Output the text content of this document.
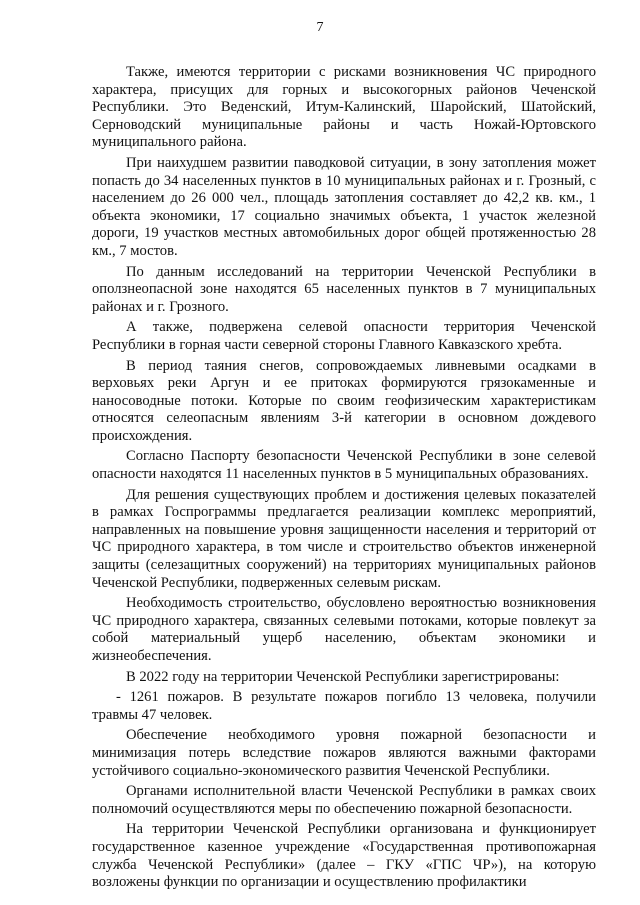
7

Также, имеются территории с рисками возникновения ЧС природного характера, присущих для горных и высокогорных районов Чеченской Республики. Это Веденский, Итум-Калинский, Шаройский, Шатойский, Серноводский муниципальные районы и часть Ножай-Юртовского муниципального района.

При наихудшем развитии паводковой ситуации, в зону затопления может попасть до 34 населенных пунктов в 10 муниципальных районах и г. Грозный, с населением до 26 000 чел., площадь затопления составляет до 42,2 кв. км., 1 объекта экономики, 17 социально значимых объекта, 1 участок железной дороги, 19 участков местных автомобильных дорог общей протяженностью 28 км., 7 мостов.

По данным исследований на территории Чеченской Республики в оползнеопасной зоне находятся 65 населенных пунктов в 7 муниципальных районах и г. Грозного.

А также, подвержена селевой опасности территория Чеченской Республики в горная части северной стороны Главного Кавказского хребта.

В период таяния снегов, сопровождаемых ливневыми осадками в верховьях реки Аргун и ее притоках формируются грязокаменные и наносоводные потоки. Которые по своим геофизическим характеристикам относятся селеопасным явлениям 3-й категории в основном дождевого происхождения.

Согласно Паспорту безопасности Чеченской Республики в зоне селевой опасности находятся 11 населенных пунктов в 5 муниципальных образованиях.

Для решения существующих проблем и достижения целевых показателей в рамках Госпрограммы предлагается реализации комплекс мероприятий, направленных на повышение уровня защищенности населения и территорий от ЧС природного характера, в том числе и строительство объектов инженерной защиты (селезащитных сооружений) на территориях муниципальных районов Чеченской Республики, подверженных селевым рискам.

Необходимость строительство, обусловлено вероятностью возникновения ЧС природного характера, связанных селевыми потоками, которые повлекут за собой материальный ущерб населению, объектам экономики и жизнеобеспечения.

В 2022 году на территории Чеченской Республики зарегистрированы:

- 1261 пожаров. В результате пожаров погибло 13 человека, получили травмы 47 человек.

Обеспечение необходимого уровня пожарной безопасности и минимизация потерь вследствие пожаров являются важными факторами устойчивого социально-экономического развития Чеченской Республики.

Органами исполнительной власти Чеченской Республики в рамках своих полномочий осуществляются меры по обеспечению пожарной безопасности.

На территории Чеченской Республики организована и функционирует государственное казенное учреждение «Государственная противопожарная служба Чеченской Республики» (далее – ГКУ «ГПС ЧР»), на которую возложены функции по организации и осуществлению профилактики
